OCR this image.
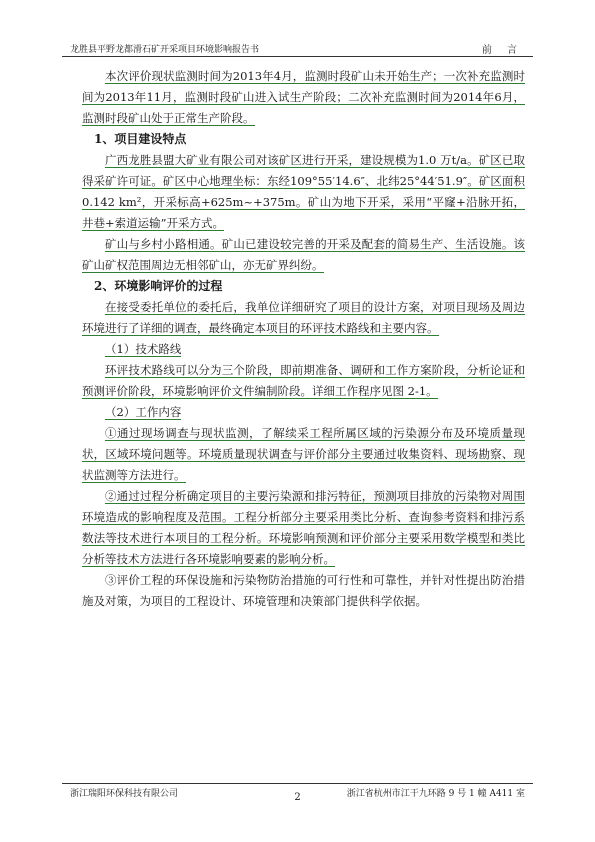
龙胜县平野龙都滑石矿开采项目环境影响报告书	前 言

本次评价现状监测时间为2013年4月，监测时段矿山未开始生产；一次补充监测时间为2013年11月，监测时段矿山进入试生产阶段；二次补充监测时间为2014年6月，监测时段矿山处于正常生产阶段。

1、项目建设特点

广西龙胜县盟大矿业有限公司对该矿区进行开采，建设规模为1.0 万t/a。矿区已取得采矿许可证。矿区中心地理坐标：东经109°55′14.6″、北纬25°44′51.9″。矿区面积0.142 km²，开采标高+625m~+375m。矿山为地下开采，采用“平窿+沿脉开拓，井巷+索道运输”开采方式。

矿山与乡村小路相通。矿山已建设较完善的开采及配套的简易生产、生活设施。该矿山矿权范围周边无相邻矿山，亦无矿界纠纷。

2、环境影响评价的过程

在接受委托单位的委托后，我单位详细研究了项目的设计方案，对项目现场及周边环境进行了详细的调查，最终确定本项目的环评技术路线和主要内容。

（1）技术路线

环评技术路线可以分为三个阶段，即前期准备、调研和工作方案阶段，分析论证和预测评价阶段，环境影响评价文件编制阶段。详细工作程序见图 2-1。

（2）工作内容

①通过现场调查与现状监测，了解续采工程所属区域的污染源分布及环境质量现状，区域环境问题等。环境质量现状调查与评价部分主要通过收集资料、现场勘察、现状监测等方法进行。

②通过过程分析确定项目的主要污染源和排污特征，预测项目排放的污染物对周围环境造成的影响程度及范围。工程分析部分主要采用类比分析、查询参考资料和排污系数法等技术进行本项目的工程分析。环境影响预测和评价部分主要采用数学模型和类比分析等技术方法进行各环境影响要素的影响分析。

③评价工程的环保设施和污染物防治措施的可行性和可靠性，并针对性提出防治措施及对策，为项目的工程设计、环境管理和决策部门提供科学依据。

浙江瑞阳环保科技有限公司	浙江省杭州市江干九环路 9 号 1 幢 A411 室
2
